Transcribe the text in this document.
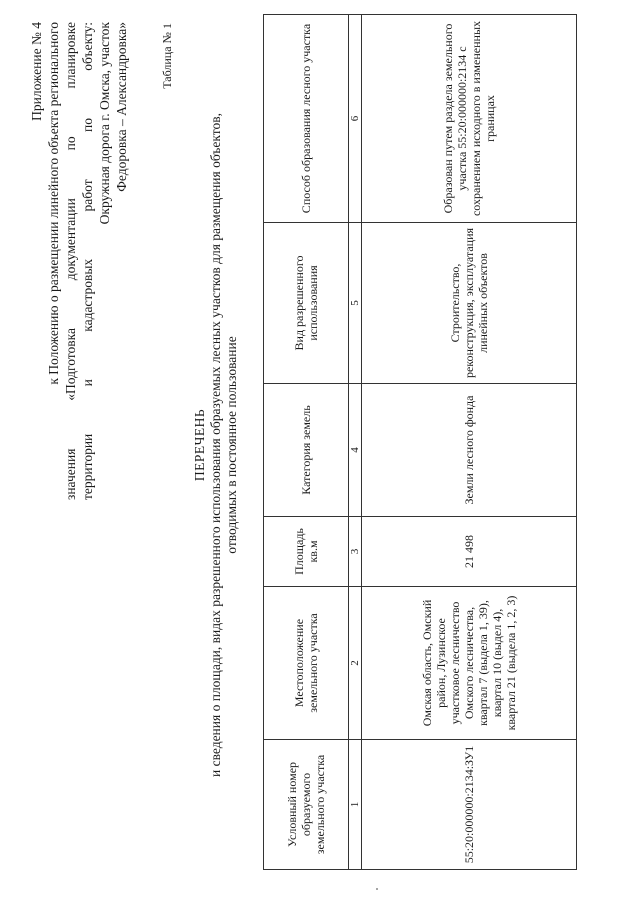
Приложение № 4 к Положению о размещении линейного объекта регионального значения «Подготовка документации по планировке территории и кадастровых работ по объекту: Окружная дорога г. Омска, участок Федоровка – Александровка»	Таблица № 1
ПЕРЕЧЕНЬ и сведения о площади, видах разрешенного использования образуемых лесных участков для размещения объектов, отводимых в постоянное пользование
Условный номер образуемого земельного участка	Местоположение земельного участка	Площадь кв.м	Категория земель	Вид разрешенного использования	Способ образования лесного участка
1	2	3	4	5	6
55:20:000000:2134:ЗУ1	Омская область, Омский район, Лузинское участковое лесничество Омского лесничества, квартал 7 (выдела 1, 39), квартал 10 (выдел 4), квартал 21 (выдела 1, 2, 3)	21 498	Земли лесного фонда	Строительство, реконструкция, эксплуатация линейных объектов	Образован путем раздела земельного участка 55:20:000000:2134 с сохранением исходного в измененных границах
